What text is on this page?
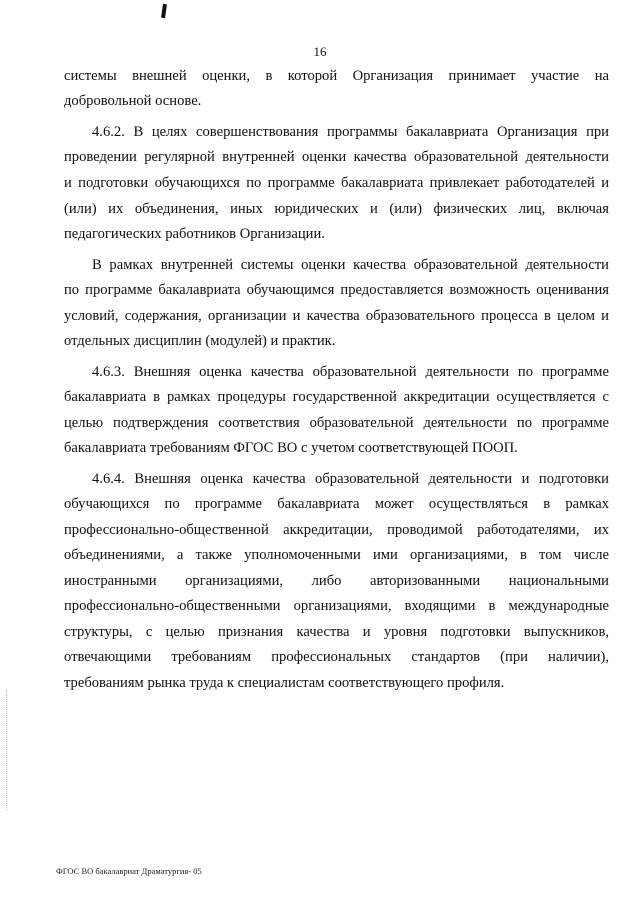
16
системы внешней оценки, в которой Организация принимает участие на
добровольной основе.
4.6.2. В целях совершенствования программы бакалавриата Организация при
проведении регулярной внутренней оценки качества образовательной деятельности
и подготовки обучающихся по программе бакалавриата привлекает работодателей и
(или) их объединения, иных юридических и (или) физических лиц, включая
педагогических работников Организации.
В рамках внутренней системы оценки качества образовательной деятельности
по программе бакалавриата обучающимся предоставляется возможность оценивания
условий, содержания, организации и качества образовательного процесса в целом и
отдельных дисциплин (модулей) и практик.
4.6.3. Внешняя оценка качества образовательной деятельности по программе
бакалавриата в рамках процедуры государственной аккредитации осуществляется с
целью подтверждения соответствия образовательной деятельности по программе
бакалавриата требованиям ФГОС ВО с учетом соответствующей ПООП.
4.6.4. Внешняя оценка качества образовательной деятельности и подготовки
обучающихся по программе бакалавриата может осуществляться в рамках
профессионально-общественной аккредитации, проводимой работодателями, их
объединениями, а также уполномоченными ими организациями, в том числе
иностранными организациями, либо авторизованными национальными
профессионально-общественными организациями, входящими в международные
структуры, с целью признания качества и уровня подготовки выпускников,
отвечающими требованиям профессиональных стандартов (при наличии),
требованиям рынка труда к специалистам соответствующего профиля.
ФГОС ВО бакалавриат Драматургия- 05
